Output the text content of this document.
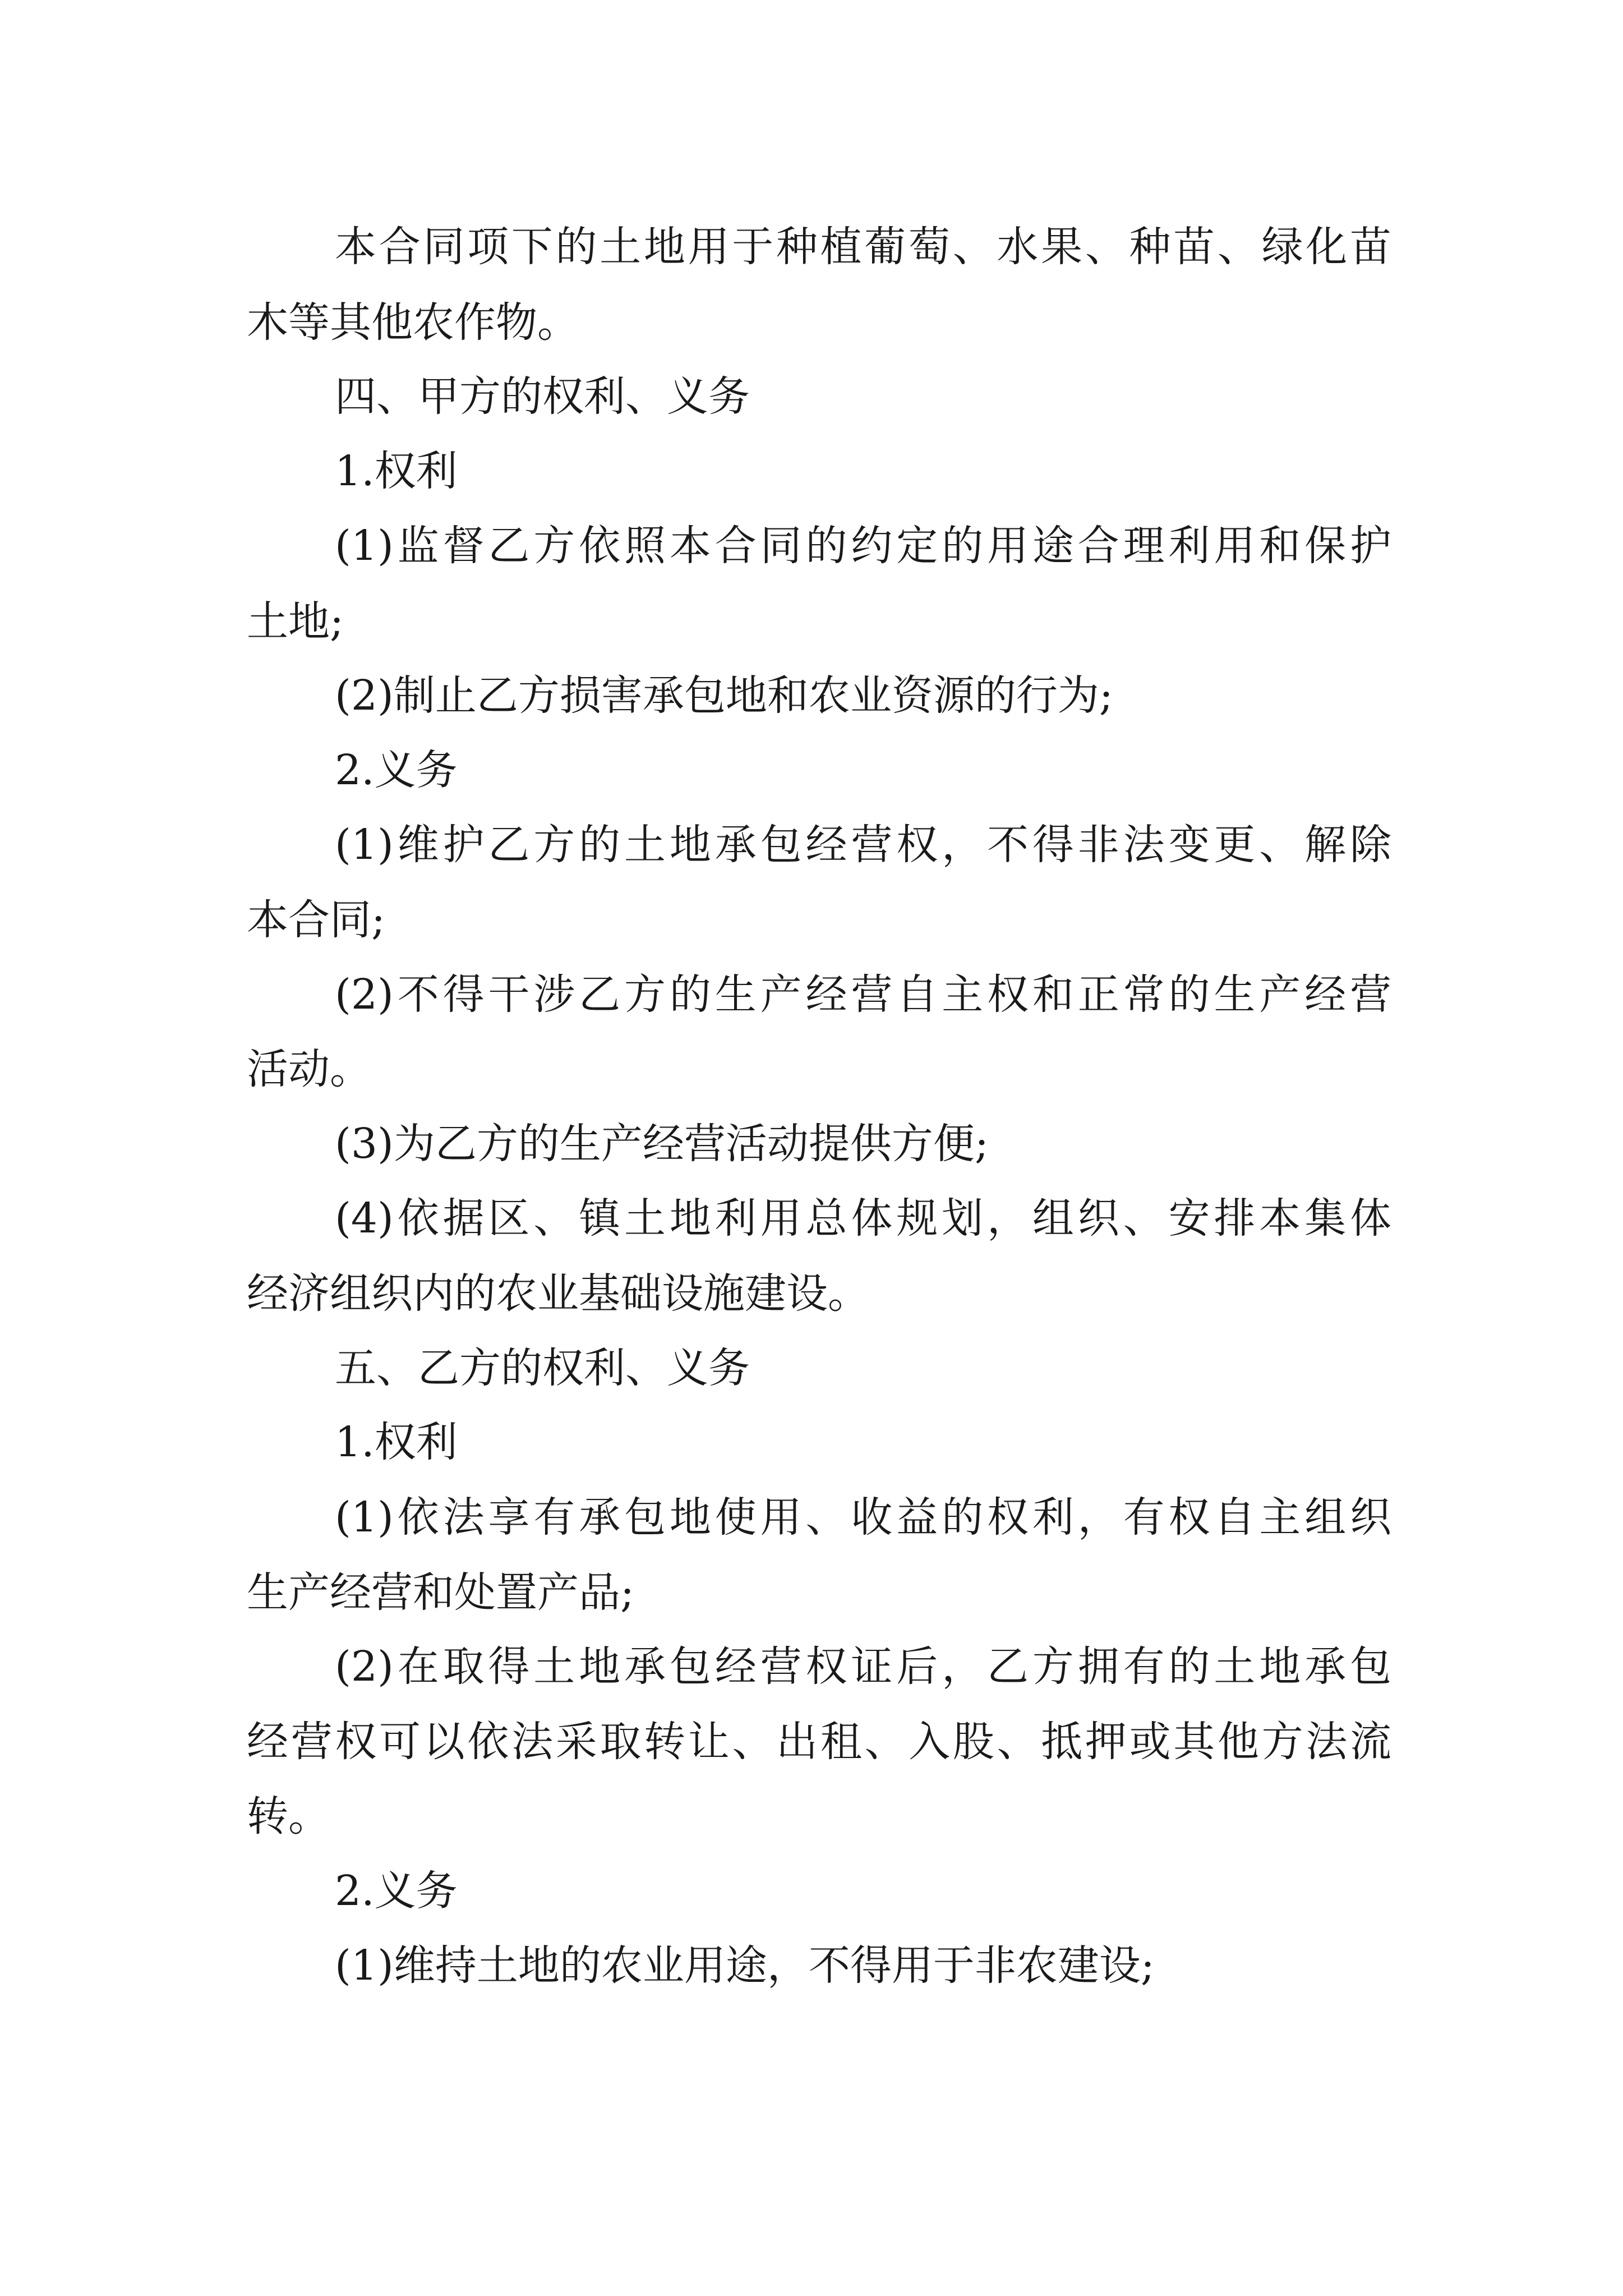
本合同项下的土地用于种植葡萄、水果、种苗、绿化苗
木等其他农作物。
四、甲方的权利、义务
1.权利
(1)监督乙方依照本合同的约定的用途合理利用和保护
土地;
(2)制止乙方损害承包地和农业资源的行为;
2.义务
(1)维护乙方的土地承包经营权，不得非法变更、解除
本合同;
(2)不得干涉乙方的生产经营自主权和正常的生产经营
活动。
(3)为乙方的生产经营活动提供方便;
(4)依据区、镇土地利用总体规划，组织、安排本集体
经济组织内的农业基础设施建设。
五、乙方的权利、义务
1.权利
(1)依法享有承包地使用、收益的权利，有权自主组织
生产经营和处置产品;
(2)在取得土地承包经营权证后，乙方拥有的土地承包
经营权可以依法采取转让、出租、入股、抵押或其他方法流
转。
2.义务
(1)维持土地的农业用途，不得用于非农建设;
